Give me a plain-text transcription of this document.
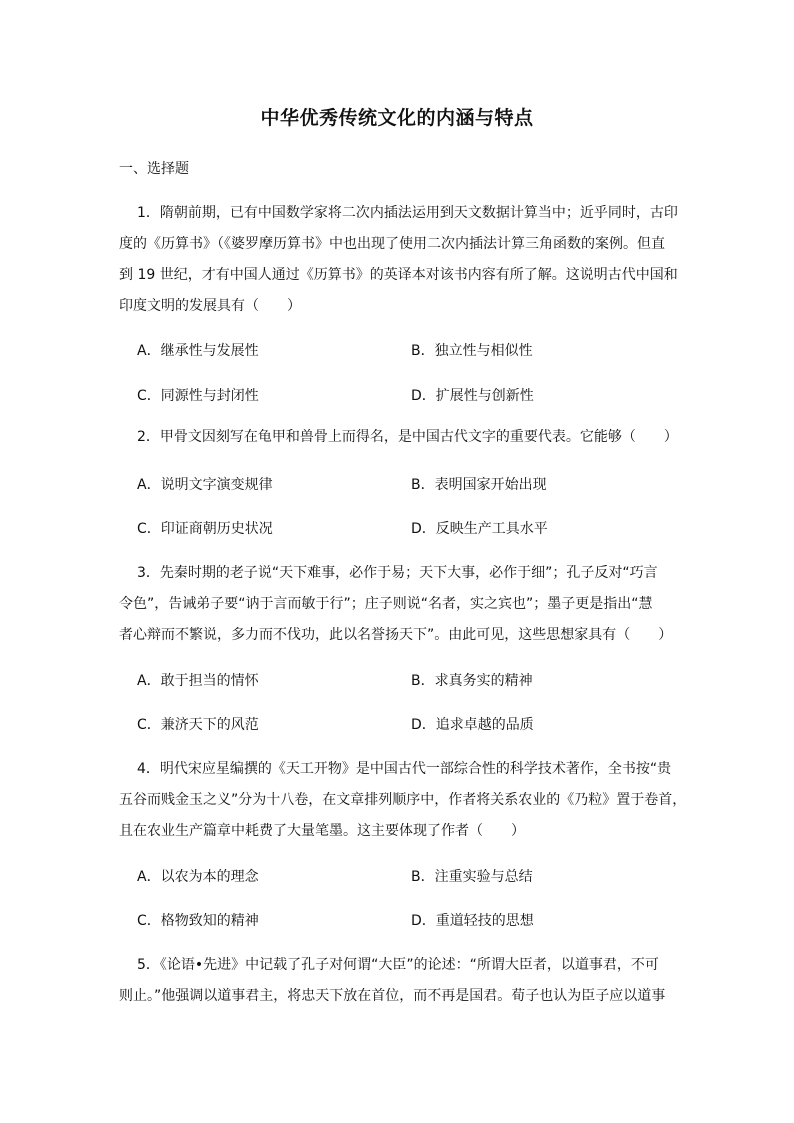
中华优秀传统文化的内涵与特点
一、选择题
1．隋朝前期，已有中国数学家将二次内插法运用到天文数据计算当中；近乎同时，古印
度的《历算书》（《婆罗摩历算书》中也出现了使用二次内插法计算三角函数的案例。但直
到 19 世纪，才有中国人通过《历算书》的英译本对该书内容有所了解。这说明古代中国和
印度文明的发展具有（　　）
A．继承性与发展性	B．独立性与相似性
C．同源性与封闭性	D．扩展性与创新性
2．甲骨文因刻写在龟甲和兽骨上而得名，是中国古代文字的重要代表。它能够（　　）
A．说明文字演变规律	B．表明国家开始出现
C．印证商朝历史状况	D．反映生产工具水平
3．先秦时期的老子说“天下难事，必作于易；天下大事，必作于细”；孔子反对“巧言
令色”，告诫弟子要“讷于言而敏于行”；庄子则说“名者，实之宾也”；墨子更是指出“慧
者心辩而不繁说，多力而不伐功，此以名誉扬天下”。由此可见，这些思想家具有（　　）
A．敢于担当的情怀	B．求真务实的精神
C．兼济天下的风范	D．追求卓越的品质
4．明代宋应星编撰的《天工开物》是中国古代一部综合性的科学技术著作，全书按“贵
五谷而贱金玉之义”分为十八卷，在文章排列顺序中，作者将关系农业的《乃粒》置于卷首，
且在农业生产篇章中耗费了大量笔墨。这主要体现了作者（　　）
A．以农为本的理念	B．注重实验与总结
C．格物致知的精神	D．重道轻技的思想
5．《论语•先进》中记载了孔子对何谓“大臣”的论述：“所谓大臣者，以道事君，不可
则止。”他强调以道事君主，将忠天下放在首位，而不再是国君。荀子也认为臣子应以道事
